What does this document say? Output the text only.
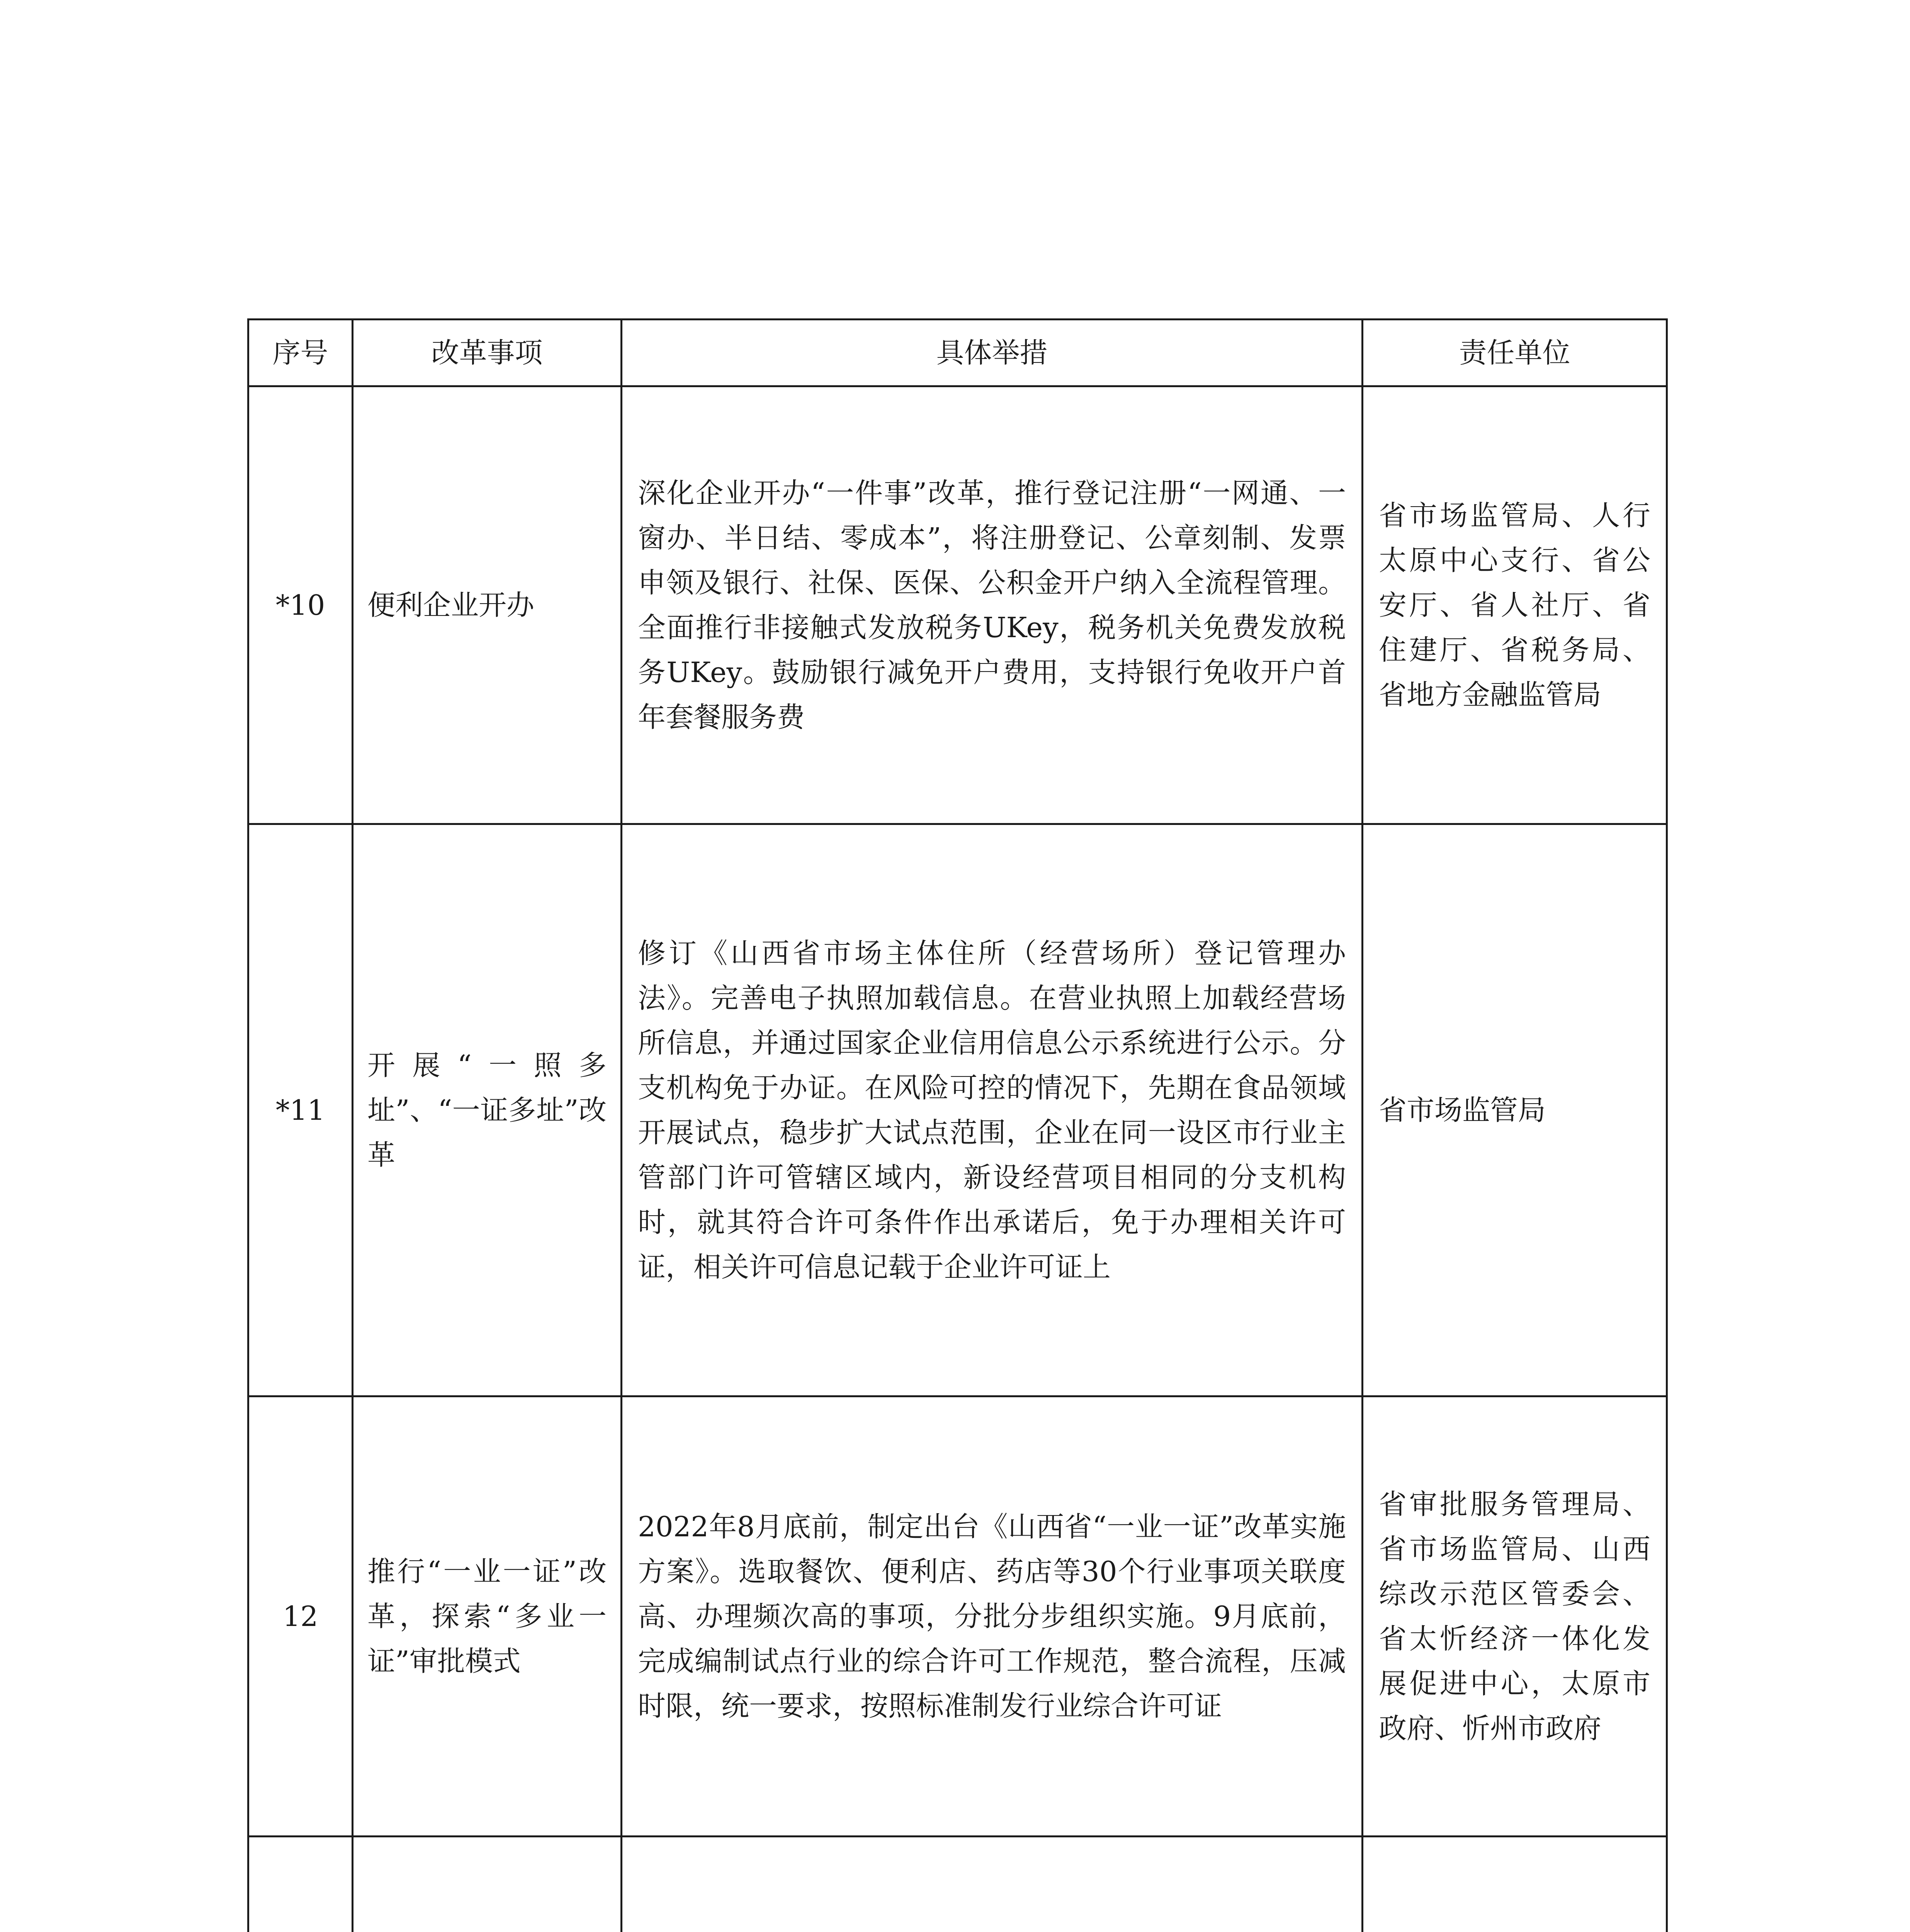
序号	改革事项	具体举措	责任单位
*10	便利企业开办	深化企业开办“一件事”改革，推行登记注册“一网通、一窗办、半日结、零成本”，将注册登记、公章刻制、发票申领及银行、社保、医保、公积金开户纳入全流程管理。全面推行非接触式发放税务UKey，税务机关免费发放税务UKey。鼓励银行减免开户费用，支持银行免收开户首年套餐服务费	省市场监管局、人行太原中心支行、省公安厅、省人社厅、省住建厅、省税务局、省地方金融监管局
*11	开展“一照多址”、“一证多址”改革	修订《山西省市场主体住所（经营场所）登记管理办法》。完善电子执照加载信息。在营业执照上加载经营场所信息，并通过国家企业信用信息公示系统进行公示。分支机构免于办证。在风险可控的情况下，先期在食品领域开展试点，稳步扩大试点范围，企业在同一设区市行业主管部门许可管辖区域内，新设经营项目相同的分支机构时，就其符合许可条件作出承诺后，免于办理相关许可证，相关许可信息记载于企业许可证上	省市场监管局
12	推行“一业一证”改革，探索“多业一证”审批模式	2022年8月底前，制定出台《山西省“一业一证”改革实施方案》。选取餐饮、便利店、药店等30个行业事项关联度高、办理频次高的事项，分批分步组织实施。9月底前，完成编制试点行业的综合许可工作规范，整合流程，压减时限，统一要求，按照标准制发行业综合许可证	省审批服务管理局、省市场监管局、山西综改示范区管委会、省太忻经济一体化发展促进中心，太原市政府、忻州市政府
